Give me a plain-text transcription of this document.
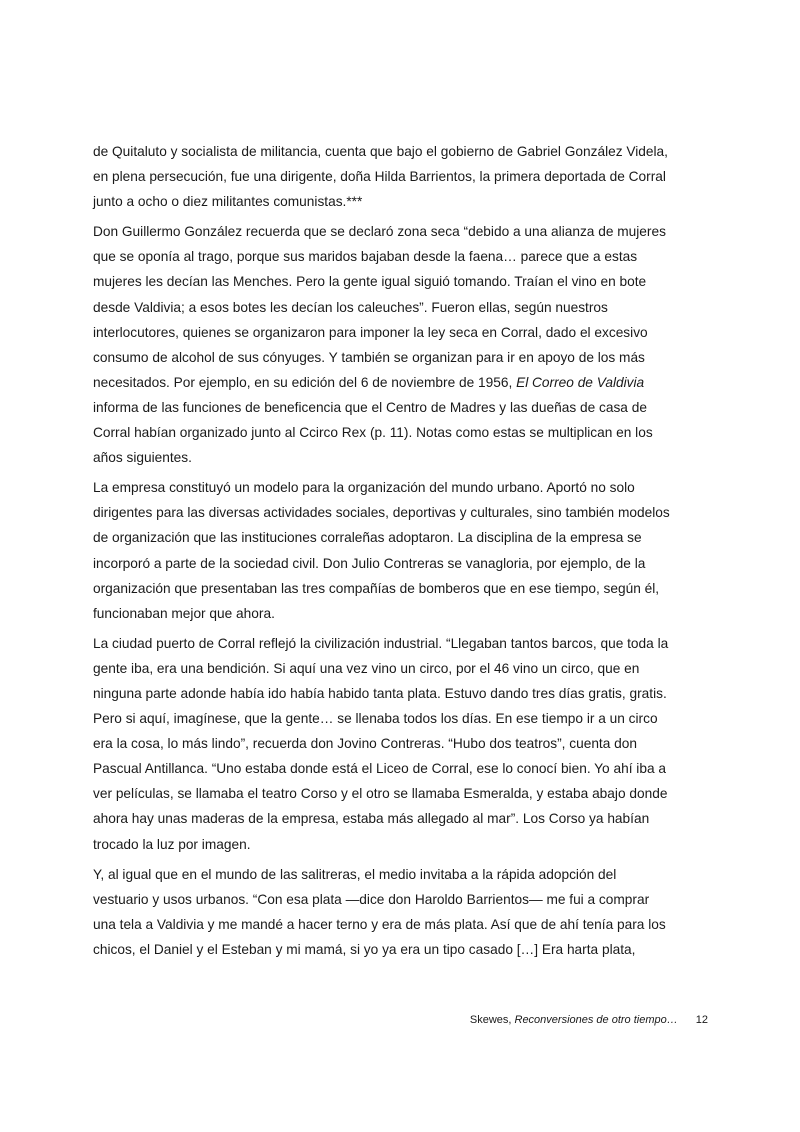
de Quitaluto y socialista de militancia, cuenta que bajo el gobierno de Gabriel González Videla,
en plena persecución, fue una dirigente, doña Hilda Barrientos, la primera deportada de Corral
junto a ocho o diez militantes comunistas.***

Don Guillermo González recuerda que se declaró zona seca “debido a una alianza de mujeres
que se oponía al trago, porque sus maridos bajaban desde la faena… parece que a estas
mujeres les decían las Menches. Pero la gente igual siguió tomando. Traían el vino en bote
desde Valdivia; a esos botes les decían los caleuches”. Fueron ellas, según nuestros
interlocutores, quienes se organizaron para imponer la ley seca en Corral, dado el excesivo
consumo de alcohol de sus cónyuges. Y también se organizan para ir en apoyo de los más
necesitados. Por ejemplo, en su edición del 6 de noviembre de 1956, El Correo de Valdivia
informa de las funciones de beneficencia que el Centro de Madres y las dueñas de casa de
Corral habían organizado junto al Ccirco Rex (p. 11). Notas como estas se multiplican en los
años siguientes.

La empresa constituyó un modelo para la organización del mundo urbano. Aportó no solo
dirigentes para las diversas actividades sociales, deportivas y culturales, sino también modelos
de organización que las instituciones corraleñas adoptaron. La disciplina de la empresa se
incorporó a parte de la sociedad civil. Don Julio Contreras se vanagloria, por ejemplo, de la
organización que presentaban las tres compañías de bomberos que en ese tiempo, según él,
funcionaban mejor que ahora.

La ciudad puerto de Corral reflejó la civilización industrial. “Llegaban tantos barcos, que toda la
gente iba, era una bendición. Si aquí una vez vino un circo, por el 46 vino un circo, que en
ninguna parte adonde había ido había habido tanta plata. Estuvo dando tres días gratis, gratis.
Pero si aquí, imagínese, que la gente… se llenaba todos los días. En ese tiempo ir a un circo
era la cosa, lo más lindo”, recuerda don Jovino Contreras. “Hubo dos teatros”, cuenta don
Pascual Antillanca. “Uno estaba donde está el Liceo de Corral, ese lo conocí bien. Yo ahí iba a
ver películas, se llamaba el teatro Corso y el otro se llamaba Esmeralda, y estaba abajo donde
ahora hay unas maderas de la empresa, estaba más allegado al mar”. Los Corso ya habían
trocado la luz por imagen.

Y, al igual que en el mundo de las salitreras, el medio invitaba a la rápida adopción del
vestuario y usos urbanos. “Con esa plata —dice don Haroldo Barrientos— me fui a comprar
una tela a Valdivia y me mandé a hacer terno y era de más plata. Así que de ahí tenía para los
chicos, el Daniel y el Esteban y mi mamá, si yo ya era un tipo casado […] Era harta plata,

Skewes, Reconversiones de otro tiempo… 12
